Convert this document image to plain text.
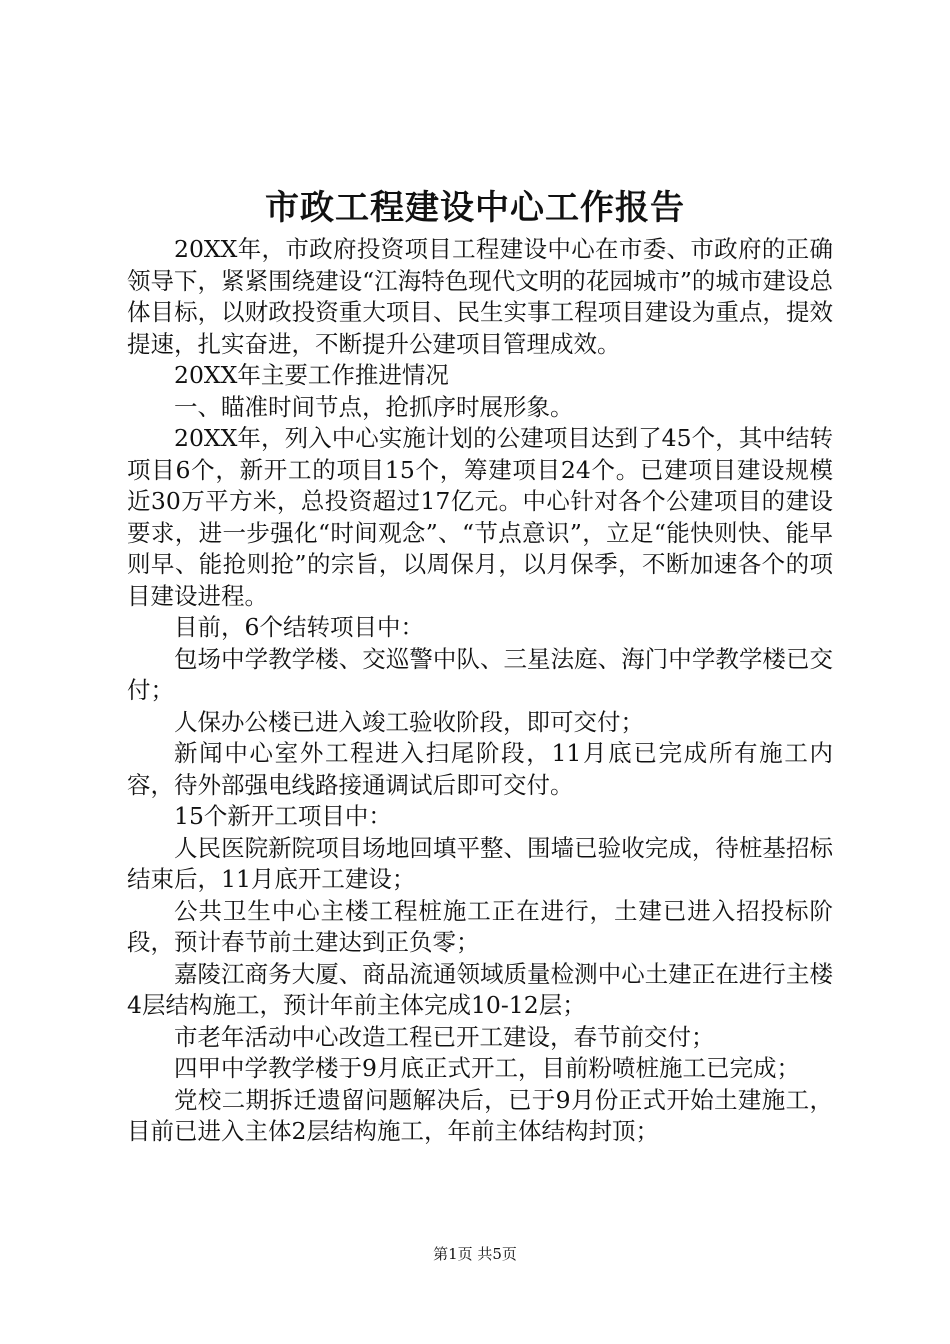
市政工程建设中心工作报告

20XX年，市政府投资项目工程建设中心在市委、市政府的正确领导下，紧紧围绕建设“江海特色现代文明的花园城市”的城市建设总体目标，以财政投资重大项目、民生实事工程项目建设为重点，提效提速，扎实奋进，不断提升公建项目管理成效。

20XX年主要工作推进情况

一、瞄准时间节点，抢抓序时展形象。

20XX年，列入中心实施计划的公建项目达到了45个，其中结转项目6个，新开工的项目15个，筹建项目24个。已建项目建设规模近30万平方米，总投资超过17亿元。中心针对各个公建项目的建设要求，进一步强化“时间观念”、“节点意识”，立足“能快则快、能早则早、能抢则抢”的宗旨，以周保月，以月保季，不断加速各个的项目建设进程。

目前，6个结转项目中：

包场中学教学楼、交巡警中队、三星法庭、海门中学教学楼已交付；

人保办公楼已进入竣工验收阶段，即可交付；

新闻中心室外工程进入扫尾阶段，11月底已完成所有施工内容，待外部强电线路接通调试后即可交付。

15个新开工项目中：

人民医院新院项目场地回填平整、围墙已验收完成，待桩基招标结束后，11月底开工建设；

公共卫生中心主楼工程桩施工正在进行，土建已进入招投标阶段，预计春节前土建达到正负零；

嘉陵江商务大厦、商品流通领域质量检测中心土建正在进行主楼4层结构施工，预计年前主体完成10-12层；

市老年活动中心改造工程已开工建设，春节前交付；

四甲中学教学楼于9月底正式开工，目前粉喷桩施工已完成；

党校二期拆迁遗留问题解决后，已于9月份正式开始土建施工，目前已进入主体2层结构施工，年前主体结构封顶；

第1页 共5页
